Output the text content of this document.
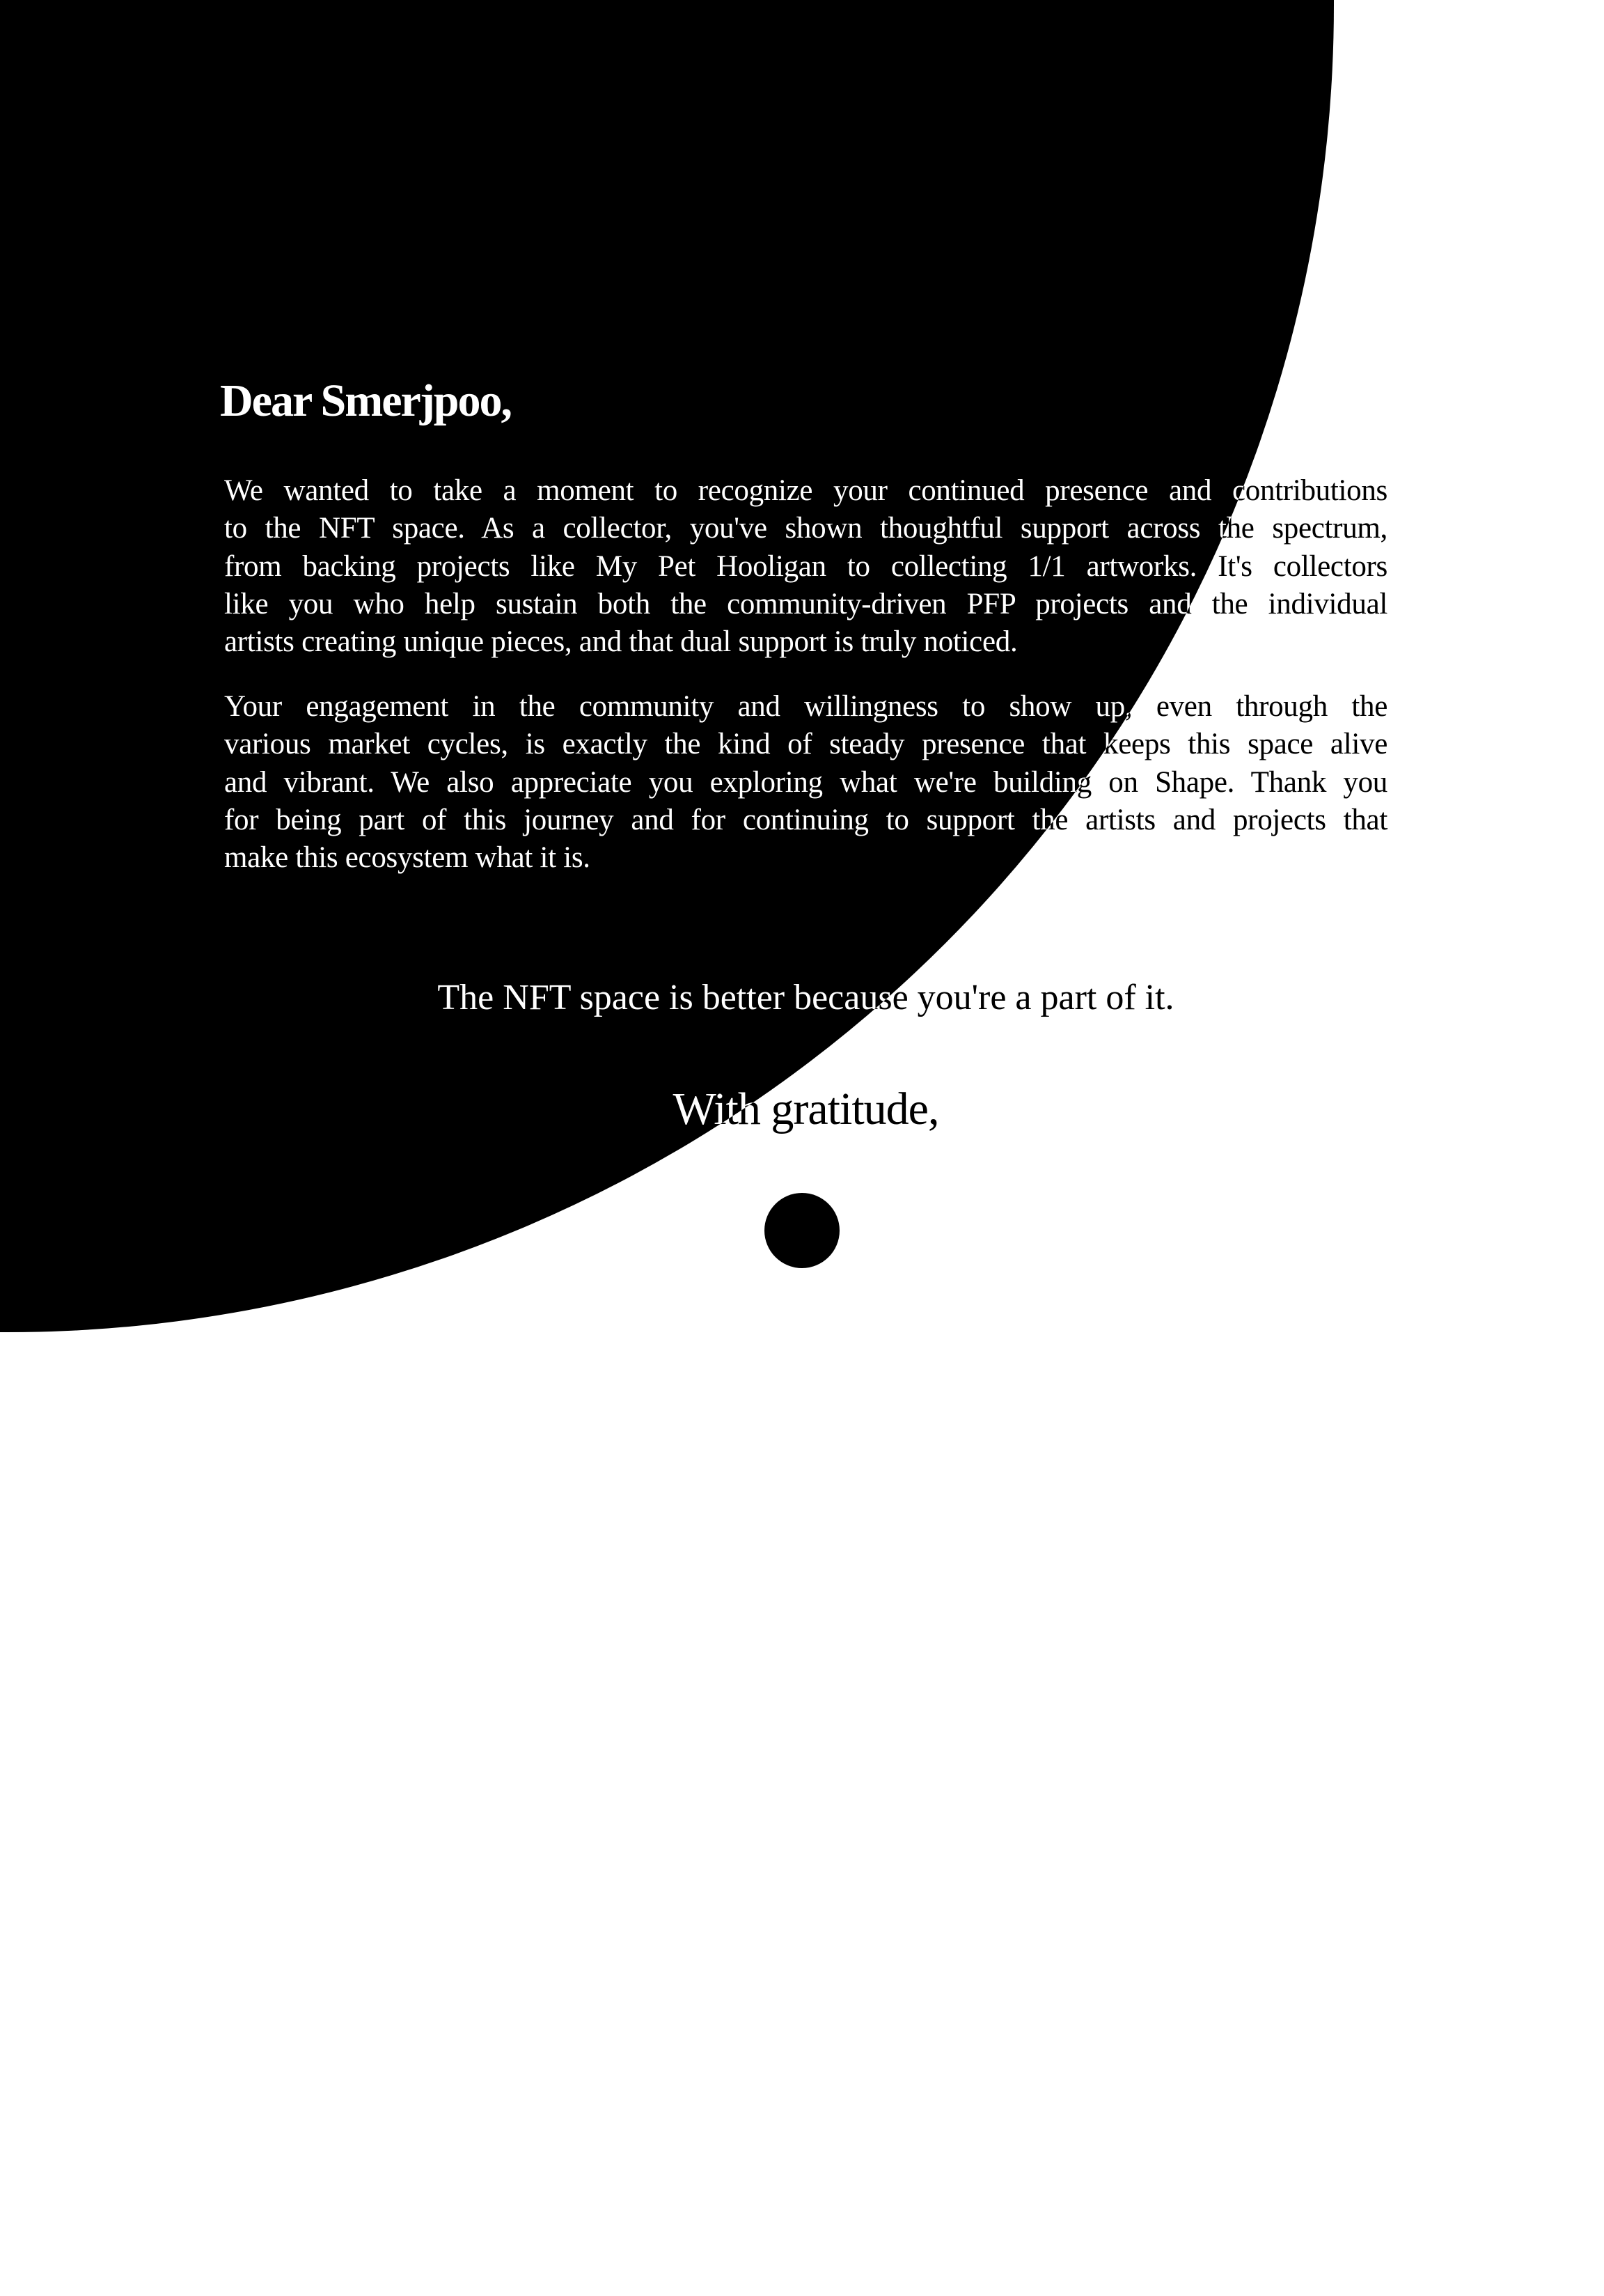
Dear Smerjpoo,
We wanted to take a moment to recognize your continued presence and contributions
to the NFT space. As a collector, you've shown thoughtful support across the spectrum,
from backing projects like My Pet Hooligan to collecting 1/1 artworks. It's collectors
like you who help sustain both the community-driven PFP projects and the individual
artists creating unique pieces, and that dual support is truly noticed.
Your engagement in the community and willingness to show up, even through the
various market cycles, is exactly the kind of steady presence that keeps this space alive
and vibrant. We also appreciate you exploring what we're building on Shape. Thank you
for being part of this journey and for continuing to support the artists and projects that
make this ecosystem what it is.
The NFT space is better because you're a part of it.
With gratitude,
